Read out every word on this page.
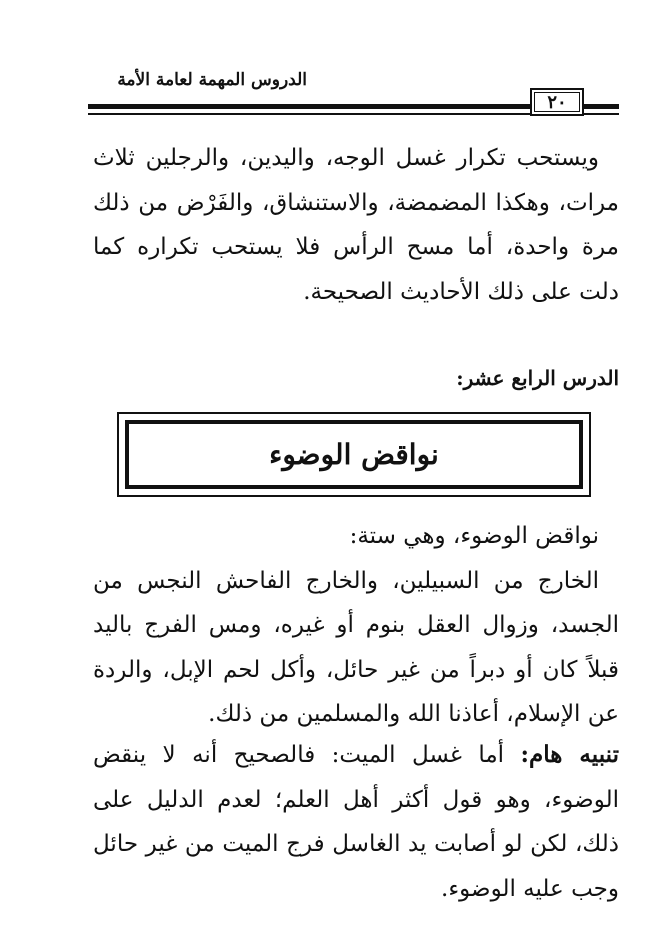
الدروس المهمة لعامة الأمة
٢٠

ويستحب تكرار غسل الوجه، واليدين، والرجلين ثلاث مرات، وهكذا المضمضة، والاستنشاق، والفَرْض من ذلك مرة واحدة، أما مسح الرأس فلا يستحب تكراره كما دلت على ذلك الأحاديث الصحيحة.

الدرس الرابع عشر:
نواقض الوضوء

نواقض الوضوء، وهي ستة:

الخارج من السبيلين، والخارج الفاحش النجس من الجسد، وزوال العقل بنوم أو غيره، ومس الفرج باليد قبلاً كان أو دبراً من غير حائل، وأكل لحم الإبل، والردة عن الإسلام، أعاذنا الله والمسلمين من ذلك.

تنبيه هام: أما غسل الميت: فالصحيح أنه لا ينقض الوضوء، وهو قول أكثر أهل العلم؛ لعدم الدليل على ذلك، لكن لو أصابت يد الغاسل فرج الميت من غير حائل وجب عليه الوضوء.
